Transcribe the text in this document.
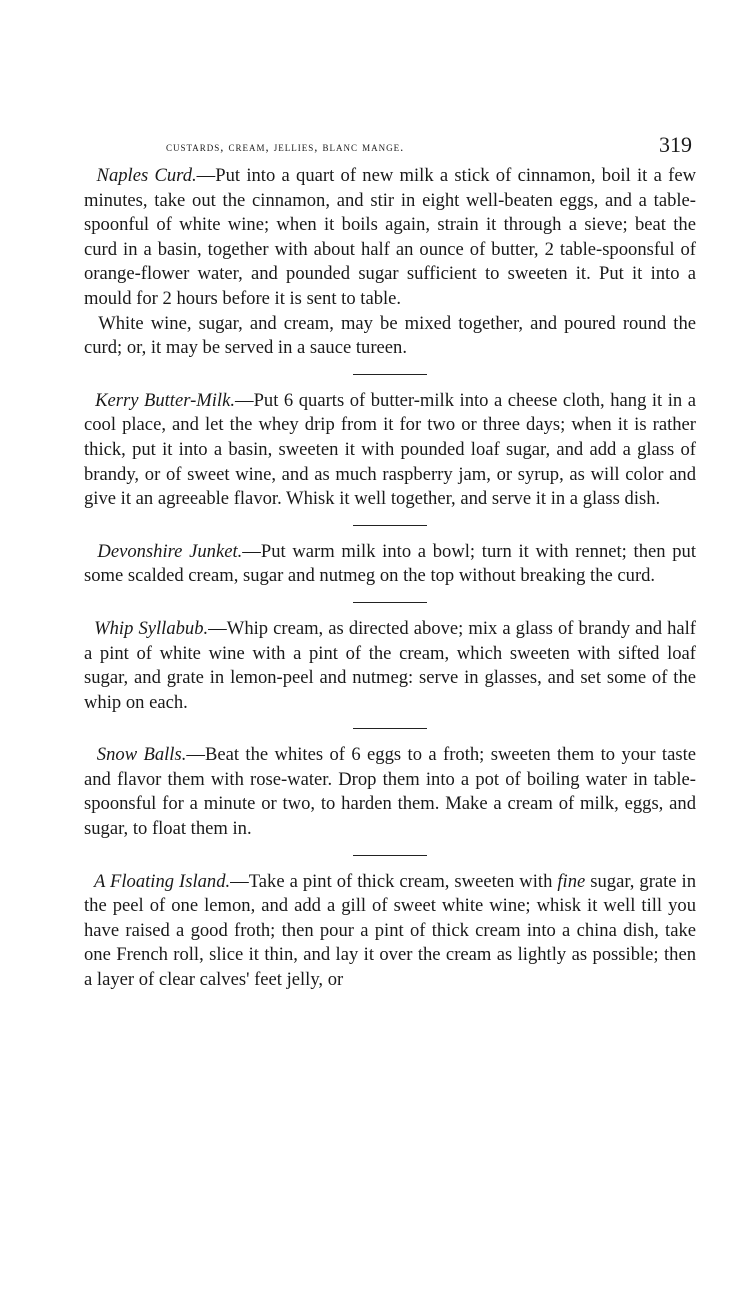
custards, cream, jellies, blanc mange.	319

Naples Curd.—Put into a quart of new milk a stick of cinnamon, boil it a few minutes, take out the cinnamon, and stir in eight well-beaten eggs, and a table-spoonful of white wine; when it boils again, strain it through a sieve; beat the curd in a basin, together with about half an ounce of butter, 2 table-spoonsful of orange-flower water, and pounded sugar sufficient to sweeten it. Put it into a mould for 2 hours before it is sent to table.

White wine, sugar, and cream, may be mixed together, and poured round the curd; or, it may be served in a sauce tureen.

Kerry Butter-Milk.—Put 6 quarts of butter-milk into a cheese cloth, hang it in a cool place, and let the whey drip from it for two or three days; when it is rather thick, put it into a basin, sweeten it with pounded loaf sugar, and add a glass of brandy, or of sweet wine, and as much raspberry jam, or syrup, as will color and give it an agreeable flavor. Whisk it well together, and serve it in a glass dish.

Devonshire Junket.—Put warm milk into a bowl; turn it with rennet; then put some scalded cream, sugar and nutmeg on the top without breaking the curd.

Whip Syllabub.—Whip cream, as directed above; mix a glass of brandy and half a pint of white wine with a pint of the cream, which sweeten with sifted loaf sugar, and grate in lemon-peel and nutmeg: serve in glasses, and set some of the whip on each.

Snow Balls.—Beat the whites of 6 eggs to a froth; sweeten them to your taste and flavor them with rose-water. Drop them into a pot of boiling water in table-spoonsful for a minute or two, to harden them. Make a cream of milk, eggs, and sugar, to float them in.

A Floating Island.—Take a pint of thick cream, sweeten with fine sugar, grate in the peel of one lemon, and add a gill of sweet white wine; whisk it well till you have raised a good froth; then pour a pint of thick cream into a china dish, take one French roll, slice it thin, and lay it over the cream as lightly as possible; then a layer of clear calves' feet jelly, or
